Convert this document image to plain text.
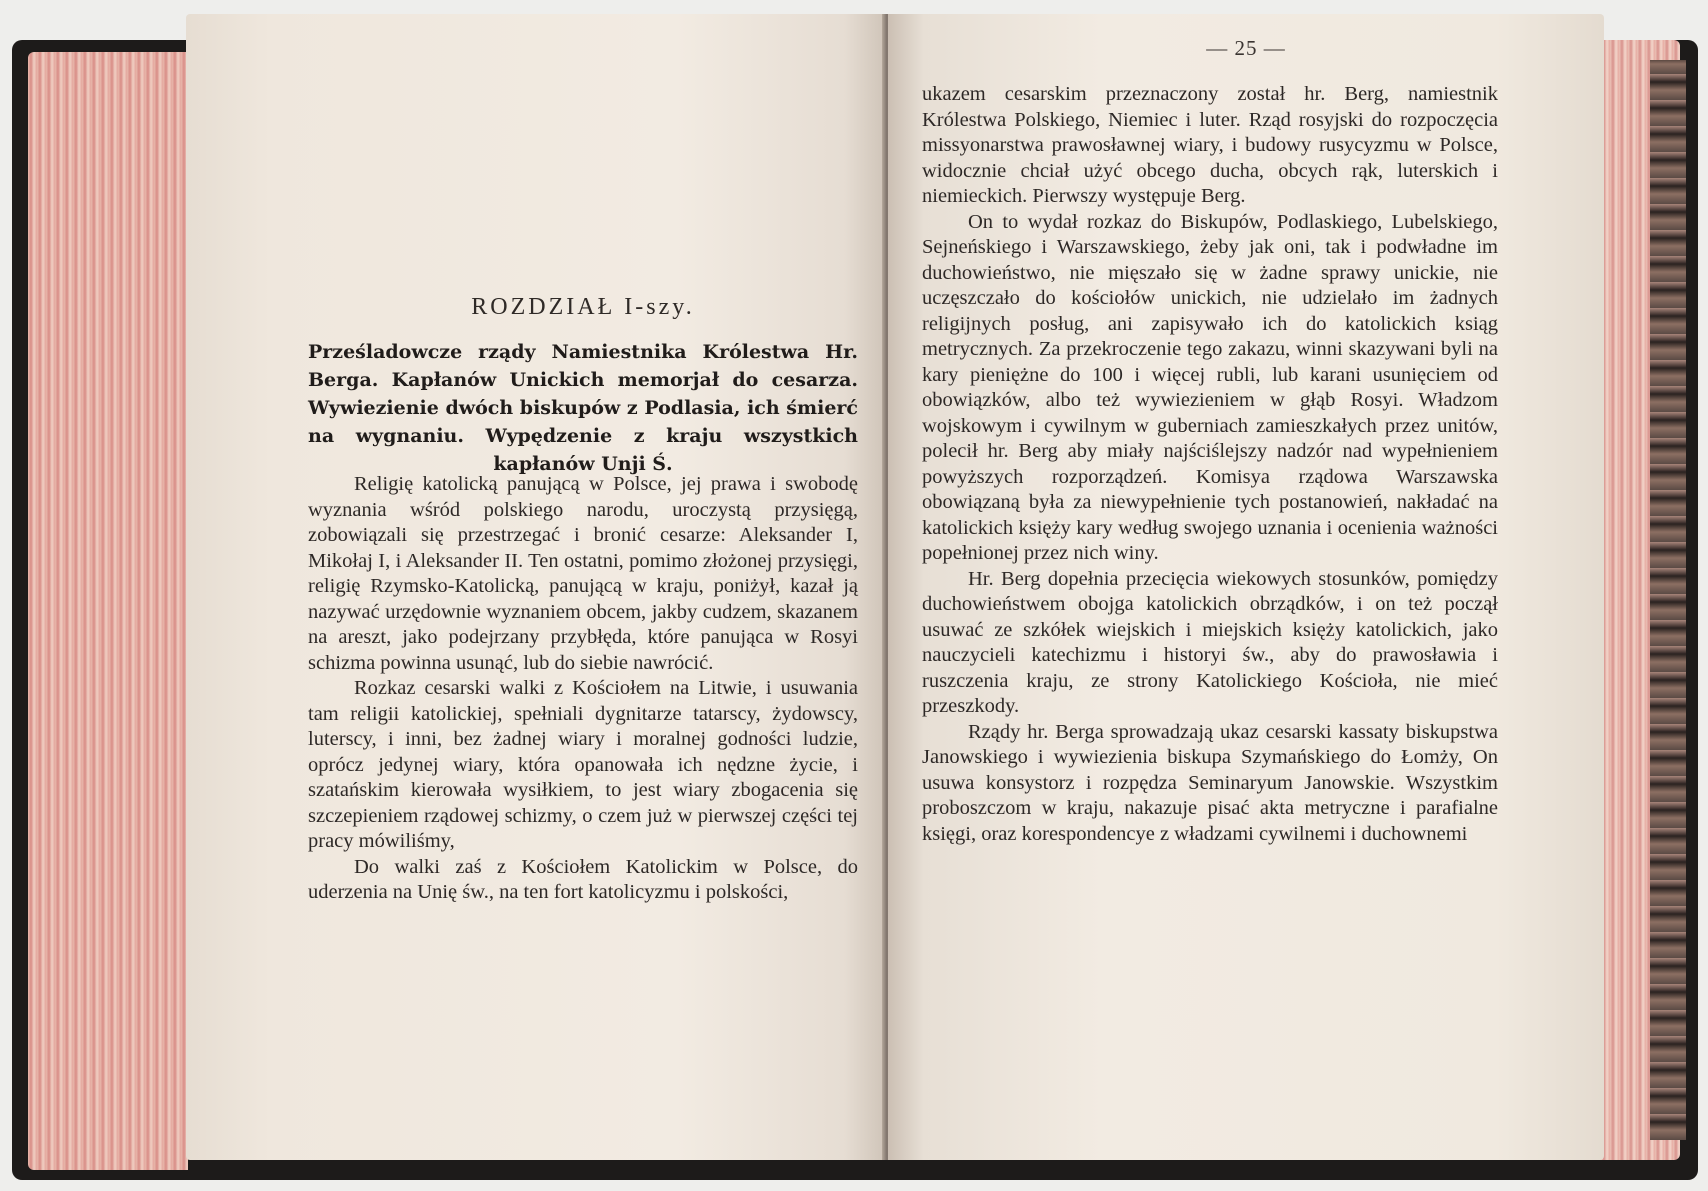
ROZDZIAŁ I-szy.
Prześladowcze rządy Namiestnika Królestwa Hr. Berga. Kapłanów Unickich memorjał do cesarza. Wywiezienie dwóch biskupów z Podlasia, ich śmierć na wygnaniu. Wypędzenie z kraju wszystkich kapłanów Unji Ś.

Religię katolicką panującą w Polsce, jej prawa i swobodę wyznania wśród polskiego narodu, uroczystą przysięgą, zobowiązali się przestrzegać i bronić cesarze: Aleksander I, Mikołaj I, i Aleksander II. Ten ostatni, pomimo złożonej przysięgi, religię Rzymsko-Katolicką, panującą w kraju, poniżył, kazał ją nazywać urzędownie wyznaniem obcem, jakby cudzem, skazanem na areszt, jako podejrzany przybłęda, które panująca w Rosyi schizma powinna usunąć, lub do siebie nawrócić.

Rozkaz cesarski walki z Kościołem na Litwie, i usuwania tam religii katolickiej, spełniali dygnitarze tatarscy, żydowscy, luterscy, i inni, bez żadnej wiary i moralnej godności ludzie, oprócz jedynej wiary, która opanowała ich nędzne życie, i szatańskim kierowała wysiłkiem, to jest wiary zbogacenia się szczepieniem rządowej schizmy, o czem już w pierwszej części tej pracy mówiliśmy,

Do walki zaś z Kościołem Katolickim w Polsce, do uderzenia na Unię św., na ten fort katolicyzmu i polskości,

— 25 —

ukazem cesarskim przeznaczony został hr. Berg, namiestnik Królestwa Polskiego, Niemiec i luter. Rząd rosyjski do rozpoczęcia missyonarstwa prawosławnej wiary, i budowy rusycyzmu w Polsce, widocznie chciał użyć obcego ducha, obcych rąk, luterskich i niemieckich. Pierwszy występuje Berg.

On to wydał rozkaz do Biskupów, Podlaskiego, Lubelskiego, Sejneńskiego i Warszawskiego, żeby jak oni, tak i podwładne im duchowieństwo, nie mięszało się w żadne sprawy unickie, nie uczęszczało do kościołów unickich, nie udzielało im żadnych religijnych posług, ani zapisywało ich do katolickich ksiąg metrycznych. Za przekroczenie tego zakazu, winni skazywani byli na kary pieniężne do 100 i więcej rubli, lub karani usunięciem od obowiązków, albo też wywiezieniem w głąb Rosyi. Władzom wojskowym i cywilnym w guberniach zamieszkałych przez unitów, polecił hr. Berg aby miały najściślejszy nadzór nad wypełnieniem powyższych rozporządzeń. Komisya rządowa Warszawska obowiązaną była za niewypełnienie tych postanowień, nakładać na katolickich księży kary według swojego uznania i ocenienia ważności popełnionej przez nich winy.

Hr. Berg dopełnia przecięcia wiekowych stosunków, pomiędzy duchowieństwem obojga katolickich obrządków, i on też począł usuwać ze szkółek wiejskich i miejskich księży katolickich, jako nauczycieli katechizmu i historyi św., aby do prawosławia i ruszczenia kraju, ze strony Katolickiego Kościoła, nie mieć przeszkody.

Rządy hr. Berga sprowadzają ukaz cesarski kassaty biskupstwa Janowskiego i wywiezienia biskupa Szymańskiego do Łomży, On usuwa konsystorz i rozpędza Seminaryum Janowskie. Wszystkim proboszczom w kraju, nakazuje pisać akta metryczne i parafialne księgi, oraz korespondencye z władzami cywilnemi i duchownemi
